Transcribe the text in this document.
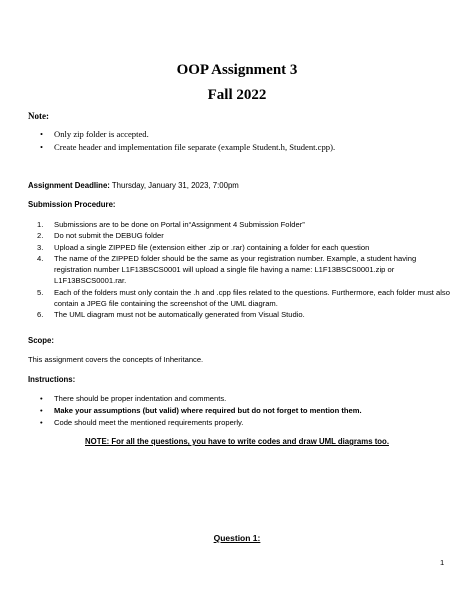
OOP Assignment 3
Fall 2022
Note:
•	Only zip folder is accepted.
•	Create header and implementation file separate (example Student.h, Student.cpp).
Assignment Deadline: Thursday, January 31, 2023, 7:00pm
Submission Procedure:
1.	Submissions are to be done on Portal in“Assignment 4 Submission Folder”
2.	Do not submit the DEBUG folder
3.	Upload a single ZIPPED file (extension either .zip or .rar) containing a folder for each question
4.	The name of the ZIPPED folder should be the same as your registration number. Example, a student having registration number L1F13BSCS0001 will upload a single file having a name: L1F13BSCS0001.zip or L1F13BSCS0001.rar.
5.	Each of the folders must only contain the .h and .cpp files related to the questions. Furthermore, each folder must also contain a JPEG file containing the screenshot of the UML diagram.
6.	The UML diagram must not be automatically generated from Visual Studio.
Scope:
This assignment covers the concepts of Inheritance.
Instructions:
•	There should be proper indentation and comments.
•	Make your assumptions (but valid) where required but do not forget to mention them.
•	Code should meet the mentioned requirements properly.
NOTE: For all the questions, you have to write codes and draw UML diagrams too.
Question 1:
1
